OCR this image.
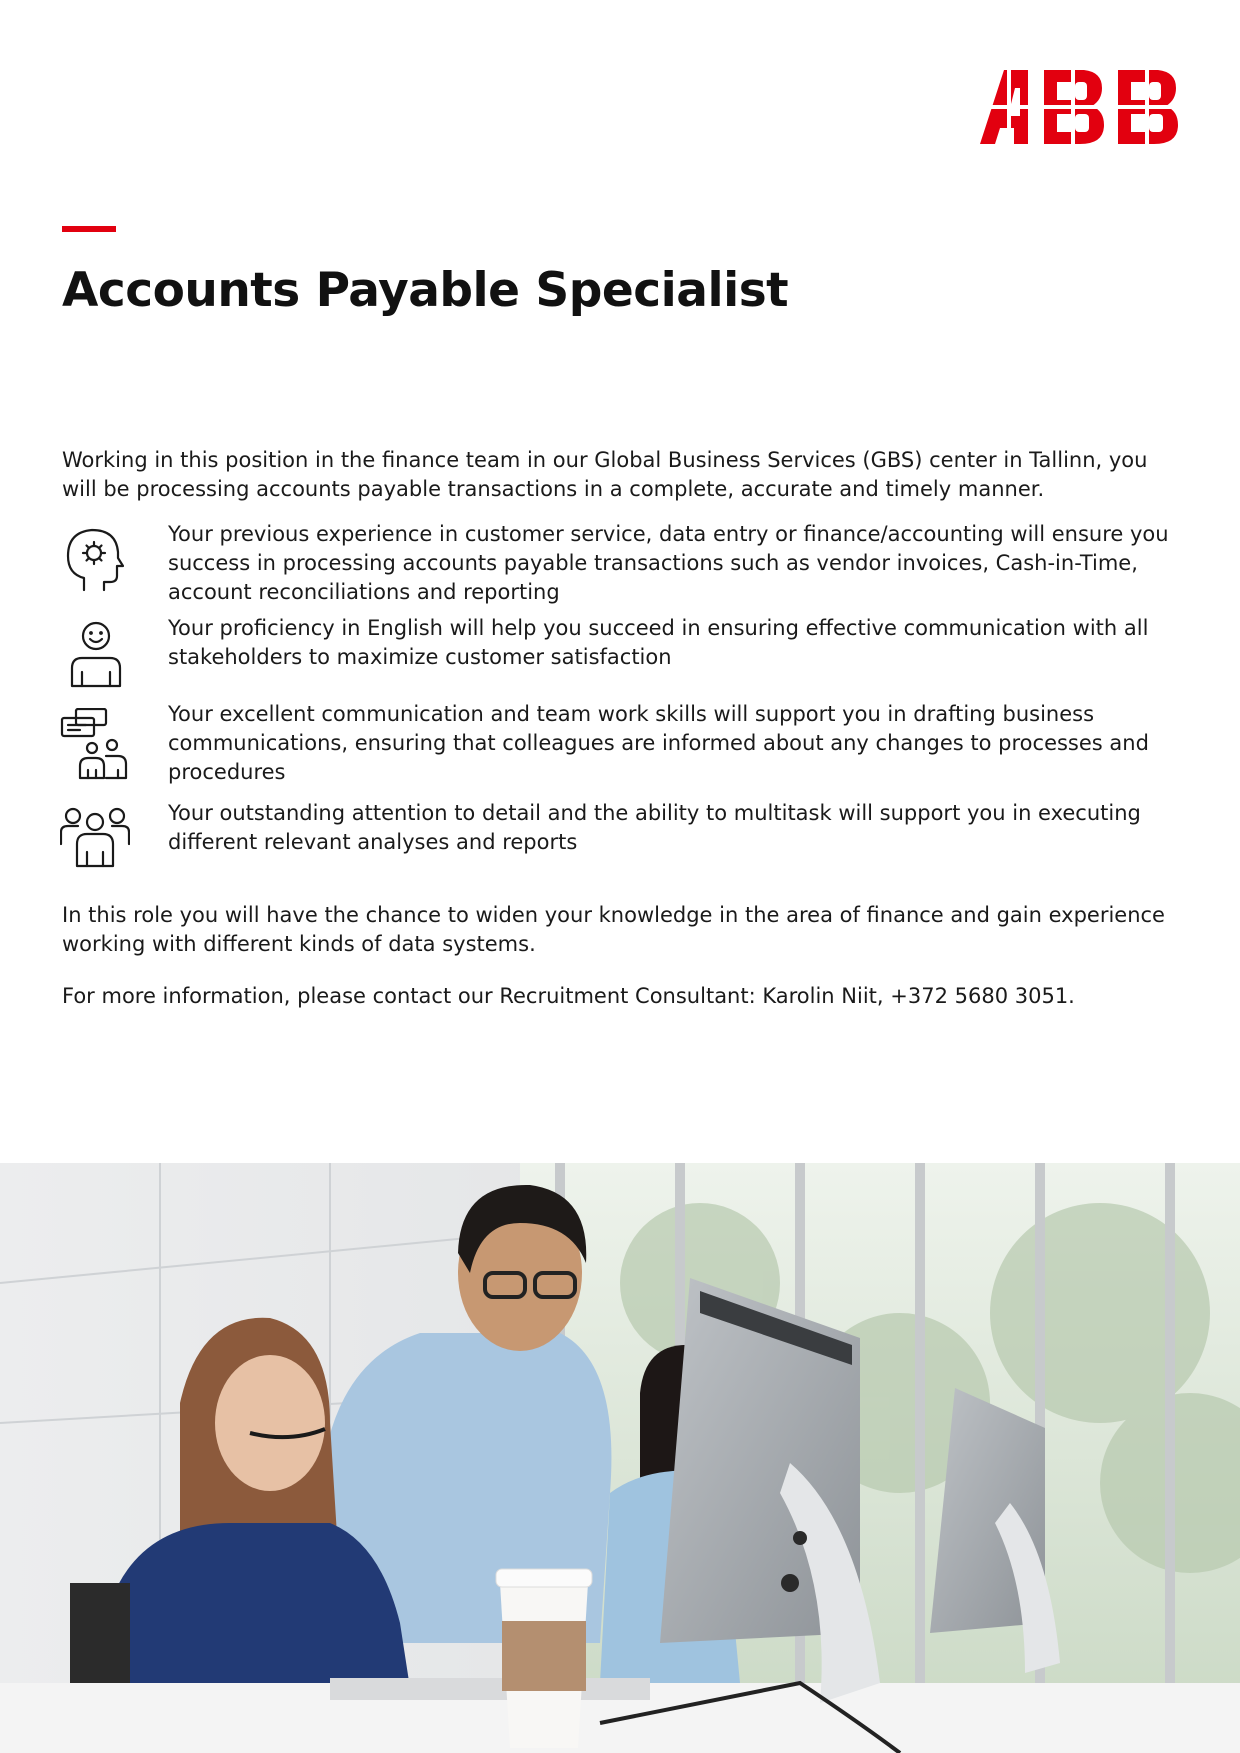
Accounts Payable Specialist

Working in this position in the finance team in our Global Business Services (GBS) center in Tallinn, you will be processing accounts payable transactions in a complete, accurate and timely manner.

Your previous experience in customer service, data entry or finance/accounting will ensure you success in processing accounts payable transactions such as vendor invoices, Cash-in-Time, account reconciliations and reporting

Your proficiency in English will help you succeed in ensuring effective communication with all stakeholders to maximize customer satisfaction

Your excellent communication and team work skills will support you in drafting business communications, ensuring that colleagues are informed about any changes to processes and procedures

Your outstanding attention to detail and the ability to multitask will support you in executing different relevant analyses and reports

In this role you will have the chance to widen your knowledge in the area of finance and gain experience working with different kinds of data systems.

For more information, please contact our Recruitment Consultant: Karolin Niit, +372 5680 3051.
